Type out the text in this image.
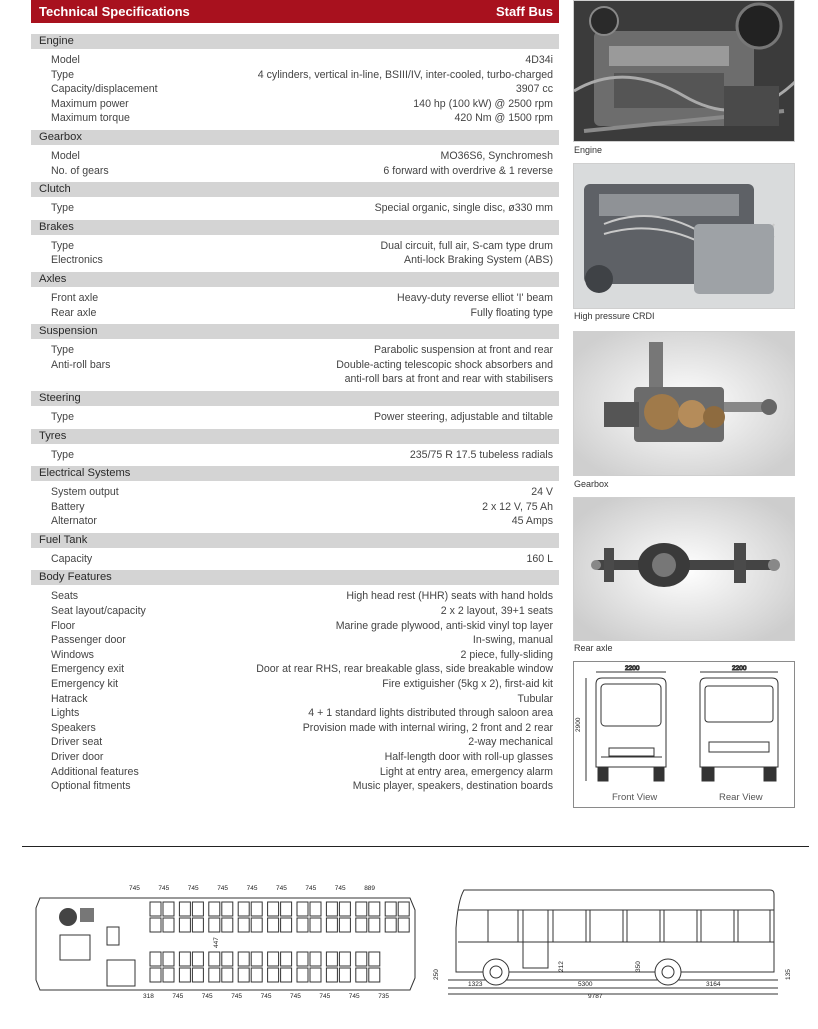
Technical Specifications	Staff Bus
Engine
Model	4D34i
Type	4 cylinders, vertical in-line, BSIII/IV, inter-cooled, turbo-charged
Capacity/displacement	3907 cc
Maximum power	140 hp (100 kW) @ 2500 rpm
Maximum torque	420 Nm @ 1500 rpm
Gearbox
Model	MO36S6, Synchromesh
No. of gears	6 forward with overdrive & 1 reverse
Clutch
Type	Special organic, single disc, ø330 mm
Brakes
Type	Dual circuit, full air, S-cam type drum
Electronics	Anti-lock Braking System (ABS)
Axles
Front axle	Heavy-duty reverse elliot 'I' beam
Rear axle	Fully floating type
Suspension
Type	Parabolic suspension at front and rear
Anti-roll bars	Double-acting telescopic shock absorbers and
anti-roll bars at front and rear with stabilisers
Steering
Type	Power steering, adjustable and tiltable
Tyres
Type	235/75 R 17.5 tubeless radials
Electrical Systems
System output	24 V
Battery	2 x 12 V, 75 Ah
Alternator	45 Amps
Fuel Tank
Capacity	160 L
Body Features
Seats	High head rest (HHR) seats with hand holds
Seat layout/capacity	2 x 2 layout, 39+1 seats
Floor	Marine grade plywood, anti-skid vinyl top layer
Passenger door	In-swing, manual
Windows	2 piece, fully-sliding
Emergency exit	Door at rear RHS, rear breakable glass, side breakable window
Emergency kit	Fire extiguisher (5kg x 2), first-aid kit
Hatrack	Tubular
Lights	4 + 1 standard lights distributed through saloon area
Speakers	Provision made with internal wiring, 2 front and 2 rear
Driver seat	2-way mechanical
Driver door	Half-length door with roll-up glasses
Additional features	Light at entry area, emergency alarm
Optional fitments	Music player, speakers, destination boards
Engine
High pressure CRDI
Gearbox
Rear axle
2200
2900
2200
Front View	Rear View
745	745	745	745	745	745	745	745	889
318	745	745	745	745	745	745	745	735
447
1323	5300	3164
9787
250
350
212
135
